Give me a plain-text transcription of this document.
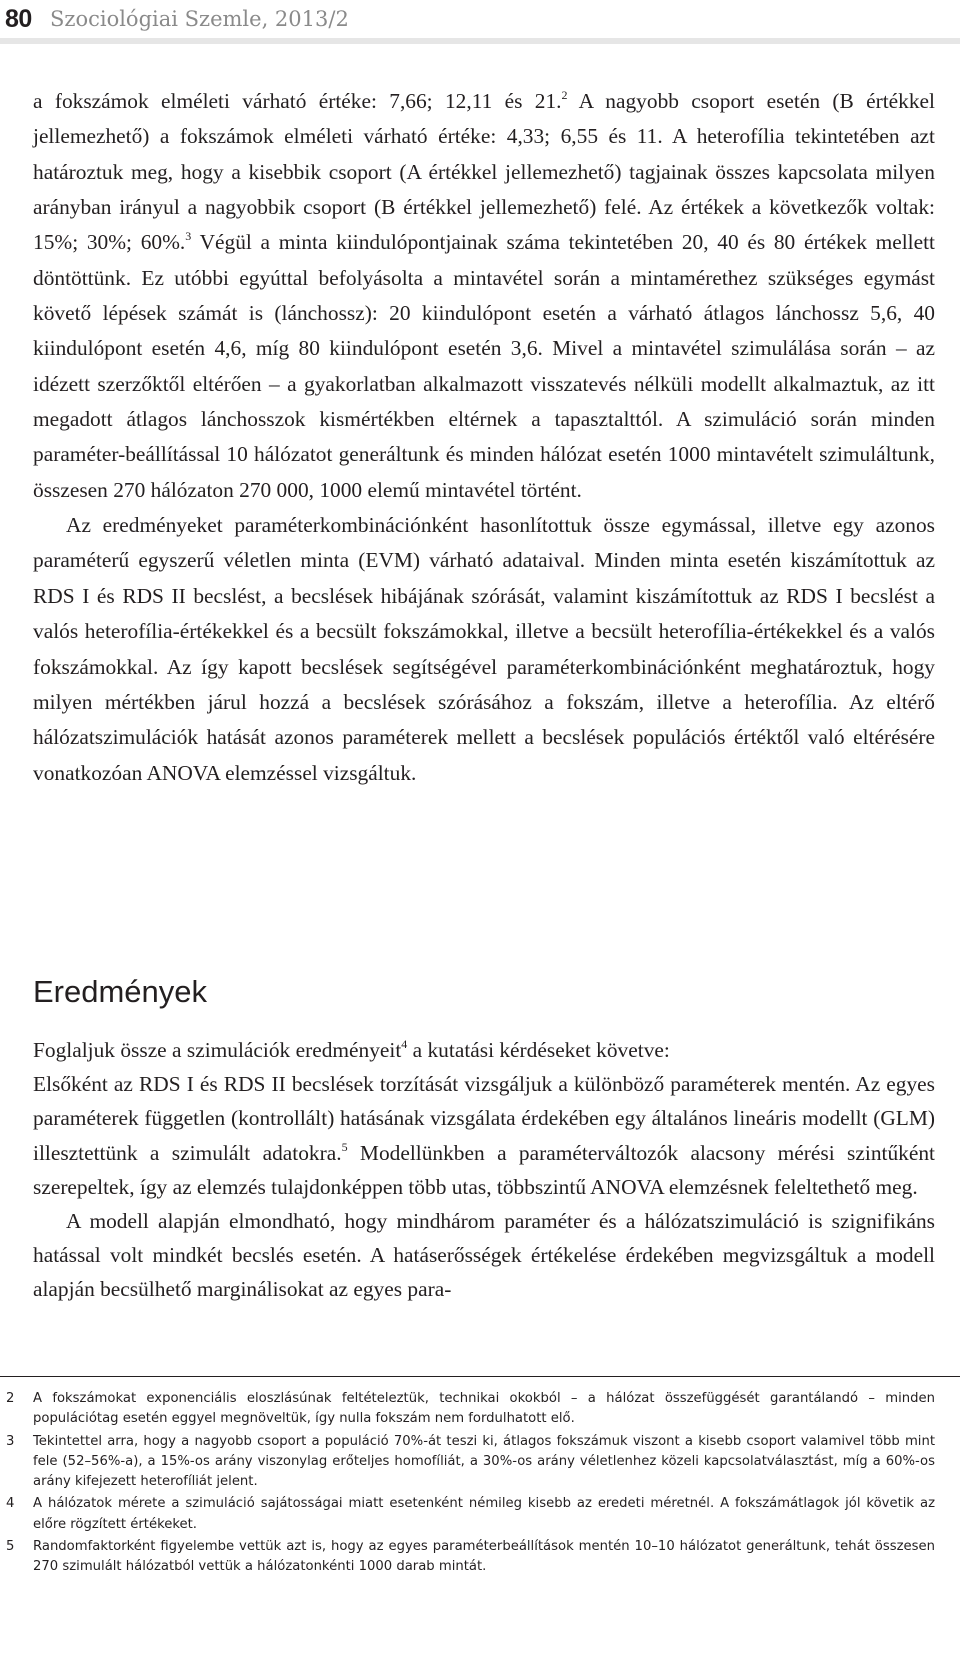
80 Szociológiai Szemle, 2013/2

a fokszámok elméleti várható értéke: 7,66; 12,11 és 21.$^2$ A nagyobb csoport esetén (B értékkel jellemezhető) a fokszámok elméleti várható értéke: 4,33; 6,55 és 11. A heterofília tekintetében azt határoztuk meg, hogy a kisebbik csoport (A értékkel jellemezhető) tagjainak összes kapcsolata milyen arányban irányul a nagyobbik csoport (B értékkel jellemezhető) felé. Az értékek a következők voltak: 15%; 30%; 60%.$^3$ Végül a minta kiindulópontjainak száma tekintetében 20, 40 és 80 értékek mellett döntöttünk. Ez utóbbi egyúttal befolyásolta a mintavétel során a mintamérethez szükséges egymást követő lépések számát is (lánchossz): 20 kiindulópont esetén a várható átlagos lánchossz 5,6, 40 kiindulópont esetén 4,6, míg 80 kiindulópont esetén 3,6. Mivel a mintavétel szimulálása során – az idézett szerzőktől eltérően – a gyakorlatban alkalmazott visszatevés nélküli modellt alkalmaztuk, az itt megadott átlagos lánchosszok kismértékben eltérnek a tapasztalttól. A szimuláció során minden paraméter-beállítással 10 hálózatot generáltunk és minden hálózat esetén 1000 mintavételt szimuláltunk, összesen 270 hálózaton 270 000, 1000 elemű mintavétel történt.

Az eredményeket paraméterkombinációnként hasonlítottuk össze egymással, illetve egy azonos paraméterű egyszerű véletlen minta (EVM) várható adataival. Minden minta esetén kiszámítottuk az RDS I és RDS II becslést, a becslések hibájának szórását, valamint kiszámítottuk az RDS I becslést a valós heterofília-értékekkel és a becsült fokszámokkal, illetve a becsült heterofília-értékekkel és a valós fokszámokkal. Az így kapott becslések segítségével paraméterkombinációnként meghatároztuk, hogy milyen mértékben járul hozzá a becslések szórásához a fokszám, illetve a heterofília. Az eltérő hálózatszimulációk hatását azonos paraméterek mellett a becslések populációs értéktől való eltérésére vonatkozóan ANOVA elemzéssel vizsgáltuk.

Eredmények

Foglaljuk össze a szimulációk eredményeit$^4$ a kutatási kérdéseket követve:

Elsőként az RDS I és RDS II becslések torzítását vizsgáljuk a különböző paraméterek mentén. Az egyes paraméterek független (kontrollált) hatásának vizsgálata érdekében egy általános lineáris modellt (GLM) illesztettünk a szimulált adatokra.$^5$ Modellünkben a paraméterváltozók alacsony mérési szintűként szerepeltek, így az elemzés tulajdonképpen több utas, többszintű ANOVA elemzésnek feleltethető meg.

A modell alapján elmondható, hogy mindhárom paraméter és a hálózatszimuláció is szignifikáns hatással volt mindkét becslés esetén. A hatáserősségek értékelése érdekében megvizsgáltuk a modell alapján becsülhető marginálisokat az egyes para-

2	A fokszámokat exponenciális eloszlásúnak feltételeztük, technikai okokból – a hálózat összefüggését garantálandó – minden populációtag esetén eggyel megnöveltük, így nulla fokszám nem fordulhatott elő.
3	Tekintettel arra, hogy a nagyobb csoport a populáció 70%-át teszi ki, átlagos fokszámuk viszont a kisebb csoport valamivel több mint fele (52–56%-a), a 15%-os arány viszonylag erőteljes homofíliát, a 30%-os arány véletlenhez közeli kapcsolatválasztást, míg a 60%-os arány kifejezett heterofíliát jelent.
4	A hálózatok mérete a szimuláció sajátosságai miatt esetenként némileg kisebb az eredeti méretnél. A fokszámátlagok jól követik az előre rögzített értékeket.
5	Randomfaktorként figyelembe vettük azt is, hogy az egyes paraméterbeállítások mentén 10–10 hálózatot generáltunk, tehát összesen 270 szimulált hálózatból vettük a hálózatonkénti 1000 darab mintát.
